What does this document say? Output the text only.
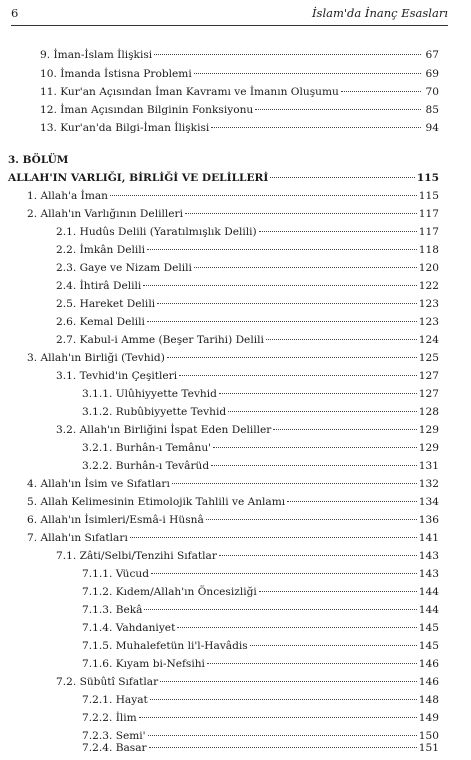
6	İslam'da İnanç Esasları
9. İman-İslam İlişkisi	67
10. İmanda İstisna Problemi	69
11. Kur'an Açısından İman Kavramı ve İmanın Oluşumu	70
12. İman Açısından Bilginin Fonksiyonu	85
13. Kur'an'da Bilgi-İman İlişkisi	94
3. BÖLÜM
ALLAH'IN VARLIĞI, BİRLİĞİ VE DELİLLERİ	115
1. Allah'a İman	115
2. Allah'ın Varlığının Delilleri	117
2.1. Hudûs Delili (Yaratılmışlık Delili)	117
2.2. İmkân Delili	118
2.3. Gaye ve Nizam Delili	120
2.4. İhtirâ Delili	122
2.5. Hareket Delili	123
2.6. Kemal Delili	123
2.7. Kabul-i Amme (Beşer Tarihi) Delili	124
3. Allah'ın Birliği (Tevhid)	125
3.1. Tevhid'in Çeşitleri	127
3.1.1. Ulûhiyyette Tevhid	127
3.1.2. Rubûbiyyette Tevhid	128
3.2. Allah'ın Birliğini İspat Eden Deliller	129
3.2.1. Burhân-ı Temânu'	129
3.2.2. Burhân-ı Tevârüd	131
4. Allah'ın İsim ve Sıfatları	132
5. Allah Kelimesinin Etimolojik Tahlili ve Anlamı	134
6. Allah'ın İsimleri/Esmâ-i Hüsnâ	136
7. Allah'ın Sıfatları	141
7.1. Zâti/Selbi/Tenzihi Sıfatlar	143
7.1.1. Vücud	143
7.1.2. Kıdem/Allah'ın Öncesizliği	144
7.1.3. Bekâ	144
7.1.4. Vahdaniyet	145
7.1.5. Muhalefetün li'l-Havâdis	145
7.1.6. Kıyam bi-Nefsihi	146
7.2. Sübûtî Sıfatlar	146
7.2.1. Hayat	148
7.2.2. İlim	149
7.2.3. Semi'	150
7.2.4. Basar	151
